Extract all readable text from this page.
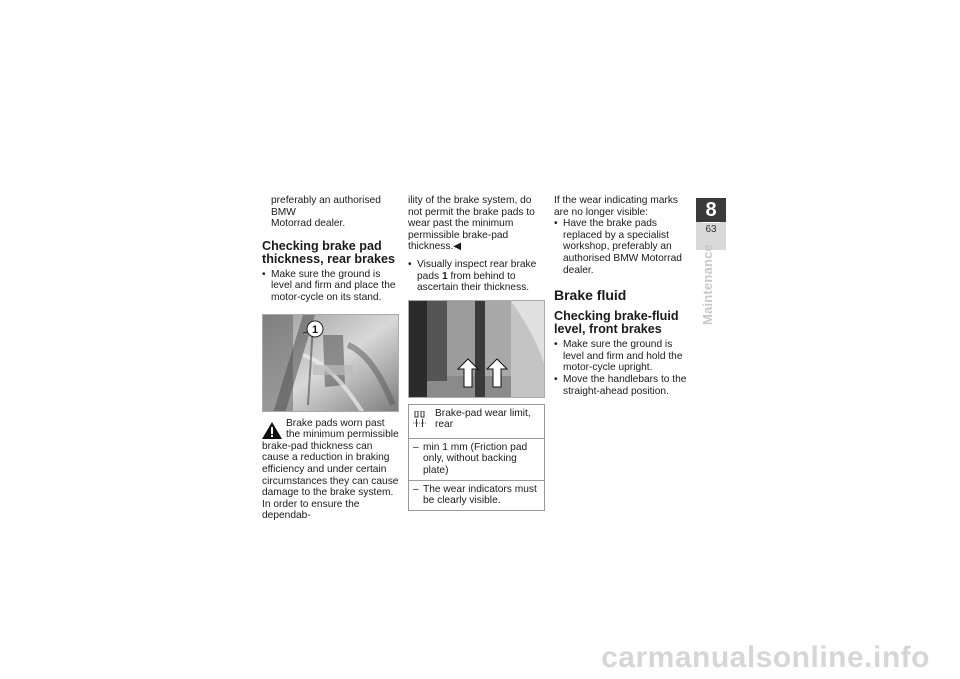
preferably an authorised BMW

Motorrad dealer.

Checking brake pad thickness, rear brakes
• Make sure the ground is level and firm and place the motor-cycle on its stand.
1

Brake pads worn past

the minimum permissible

brake-pad thickness can cause a reduction in braking efficiency and under certain circumstances they can cause damage to the brake system.

In order to ensure the dependab-

ility of the brake system, do not permit the brake pads to wear past the minimum permissible brake-pad thickness.◀

• Visually inspect rear brake pads 1 from behind to ascertain their thickness.
Brake-pad wear limit, rear
– min 1 mm (Friction pad only, without backing plate)
– The wear indicators must be clearly visible.

If the wear indicating marks are no longer visible:

• Have the brake pads replaced by a specialist workshop, preferably an authorised BMW Motorrad dealer.
Brake fluid
Checking brake-fluid level, front brakes
• Make sure the ground is level and firm and hold the motor-cycle upright.
• Move the handlebars to the straight-ahead position.
8
63
Maintenance
carmanualsonline.info
